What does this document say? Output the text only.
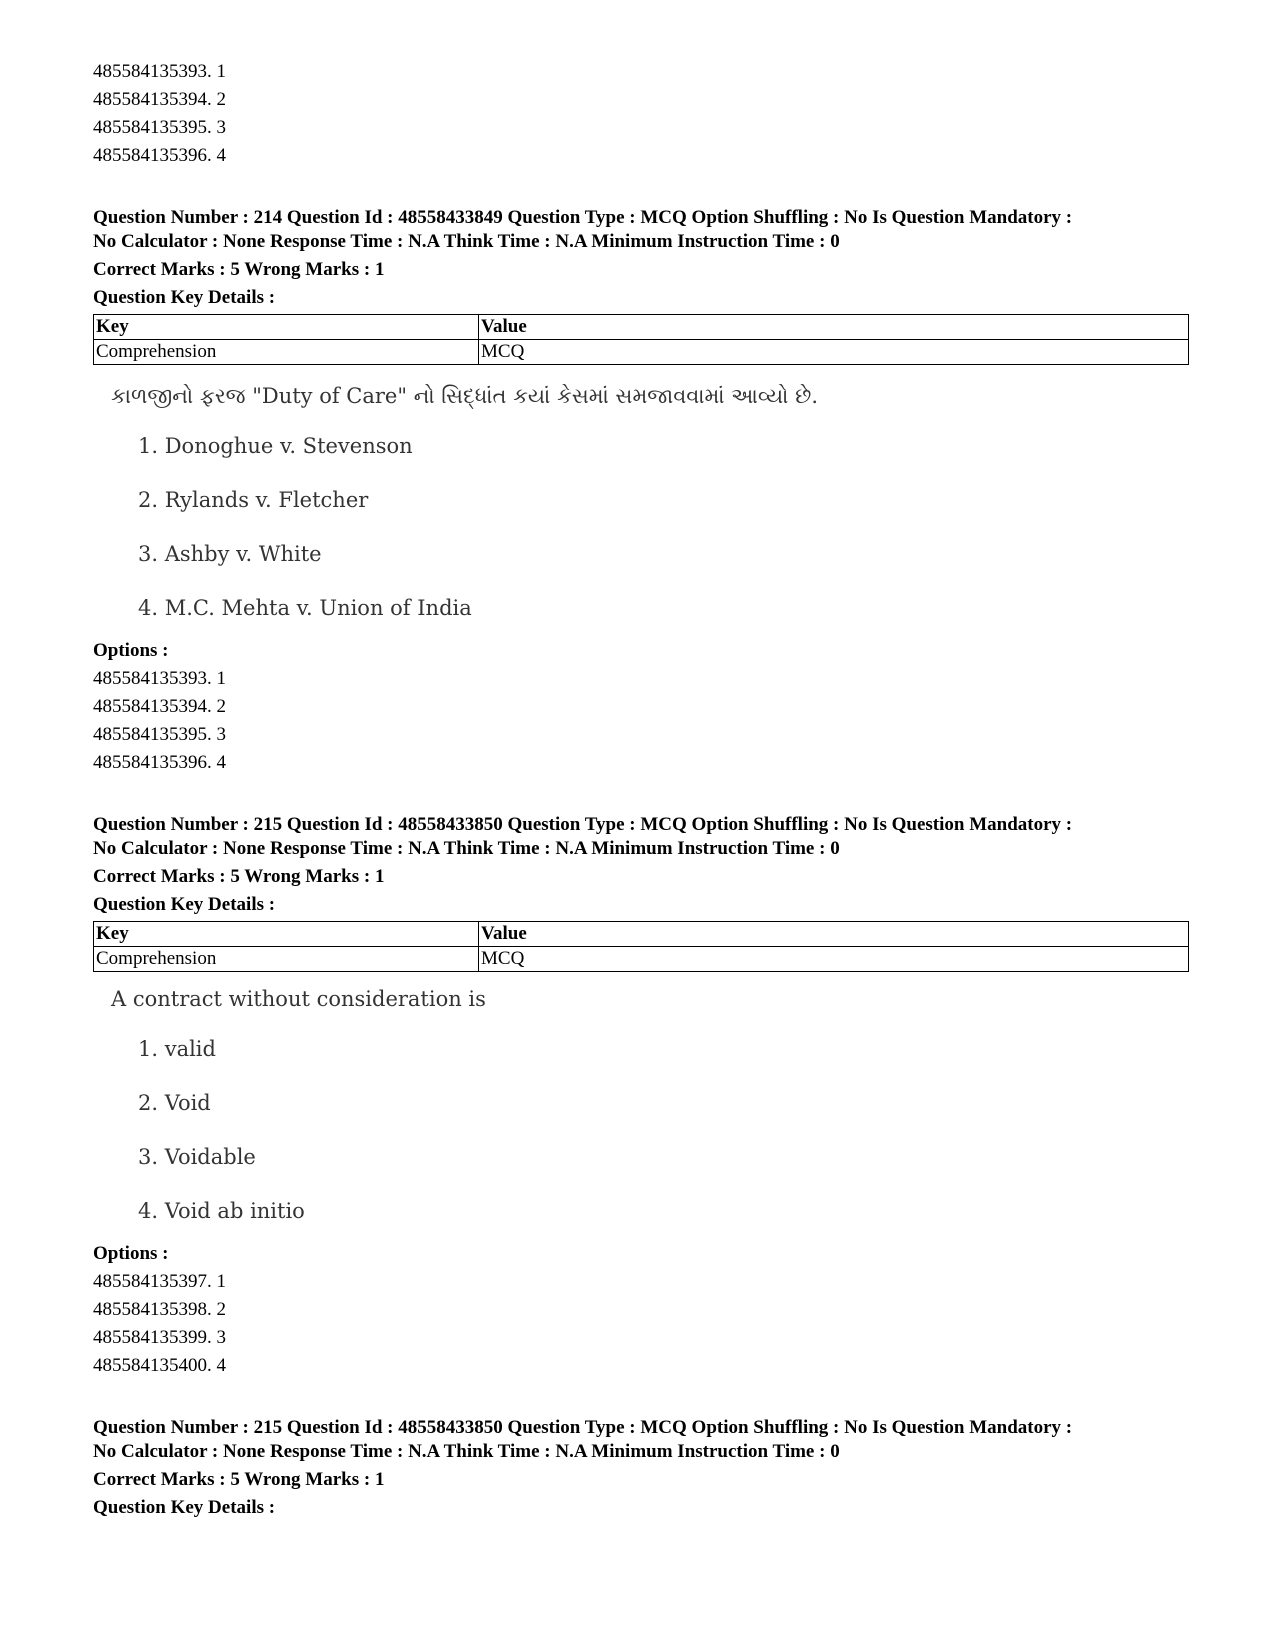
485584135393. 1
485584135394. 2
485584135395. 3
485584135396. 4
Question Number : 214 Question Id : 48558433849 Question Type : MCQ Option Shuffling : No Is Question Mandatory :
No Calculator : None Response Time : N.A Think Time : N.A Minimum Instruction Time : 0
Correct Marks : 5 Wrong Marks : 1
Question Key Details :
Key	Value
Comprehension	MCQ
કાળજીનો ફરજ "Duty of Care" નો સિદ્ધાંત કયાં કેસમાં સમજાવવામાં આવ્યો છે.
1. Donoghue v. Stevenson
2. Rylands v. Fletcher
3. Ashby v. White
4. M.C. Mehta v. Union of India
Options :
485584135393. 1
485584135394. 2
485584135395. 3
485584135396. 4
Question Number : 215 Question Id : 48558433850 Question Type : MCQ Option Shuffling : No Is Question Mandatory :
No Calculator : None Response Time : N.A Think Time : N.A Minimum Instruction Time : 0
Correct Marks : 5 Wrong Marks : 1
Question Key Details :
Key	Value
Comprehension	MCQ
A contract without consideration is
1. valid
2. Void
3. Voidable
4. Void ab initio
Options :
485584135397. 1
485584135398. 2
485584135399. 3
485584135400. 4
Question Number : 215 Question Id : 48558433850 Question Type : MCQ Option Shuffling : No Is Question Mandatory :
No Calculator : None Response Time : N.A Think Time : N.A Minimum Instruction Time : 0
Correct Marks : 5 Wrong Marks : 1
Question Key Details :
